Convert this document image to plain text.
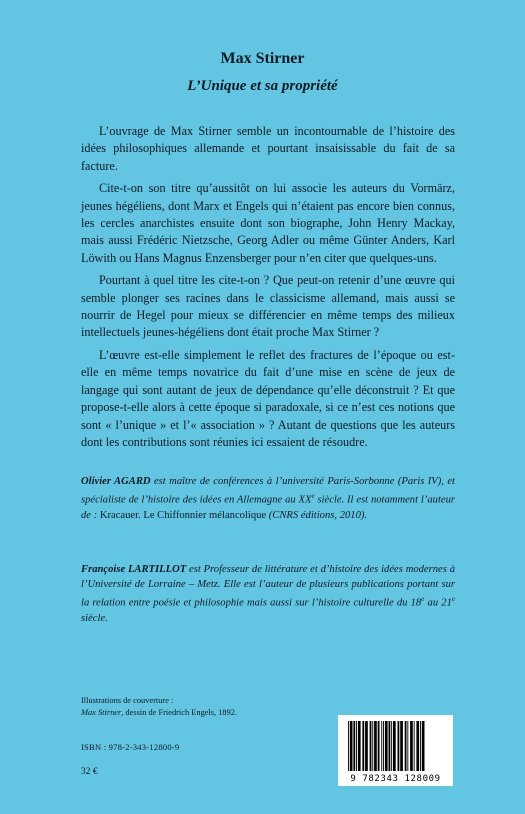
Max Stirner
L’Unique et sa propriété

L’ouvrage de Max Stirner semble un incontournable de l’histoire des idées philosophiques allemande et pourtant insaisissable du fait de sa facture.

Cite-t-on son titre qu’aussitôt on lui associe les auteurs du Vormärz, jeunes hégéliens, dont Marx et Engels qui n’étaient pas encore bien connus, les cercles anarchistes ensuite dont son biographe, John Henry Mackay, mais aussi Frédéric Nietzsche, Georg Adler ou même Günter Anders, Karl Löwith ou Hans Magnus Enzensberger pour n’en citer que quelques-uns.

Pourtant à quel titre les cite-t-on ? Que peut-on retenir d’une œuvre qui semble plonger ses racines dans le classicisme allemand, mais aussi se nourrir de Hegel pour mieux se différencier en même temps des milieux intellectuels jeunes-hégéliens dont était proche Max Stirner ?

L’œuvre est-elle simplement le reflet des fractures de l’époque ou est-elle en même temps novatrice du fait d’une mise en scène de jeux de langage qui sont autant de jeux de dépendance qu’elle déconstruit ? Et que propose-t-elle alors à cette époque si paradoxale, si ce n’est ces notions que sont « l’unique » et l’« association » ? Autant de questions que les auteurs dont les contributions sont réunies ici essaient de résoudre.

Olivier AGARD est maître de conférences à l’université Paris-Sorbonne (Paris IV), et spécialiste de l’histoire des idées en Allemagne au XXe siècle. Il est notamment l’auteur de : Kracauer. Le Chiffonnier mélancolique (CNRS éditions, 2010).
Françoise LARTILLOT est Professeur de littérature et d’histoire des idées modernes à l’Université de Lorraine – Metz. Elle est l’auteur de plusieurs publications portant sur la relation entre poésie et philosophie mais aussi sur l’histoire culturelle du 18e au 21e siècle.
Illustrations de couverture :
Max Stirner, dessin de Friedrich Engels, 1892.
ISBN : 978-2-343-12800-9
32 €
9 782343 128009
